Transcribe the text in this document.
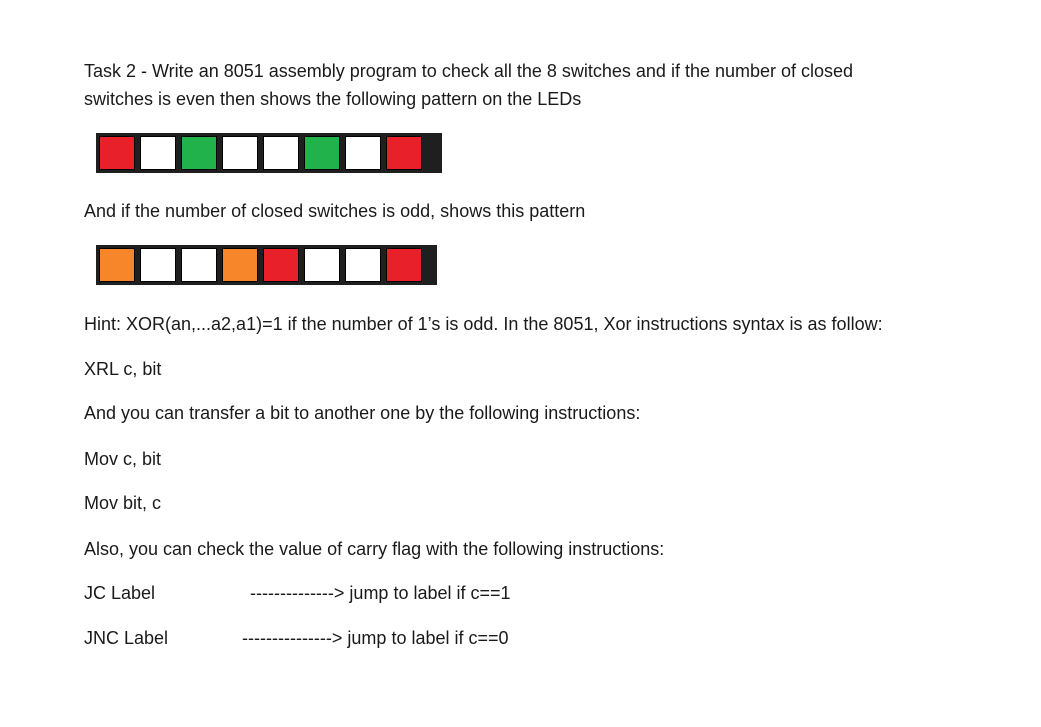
Task 2 - Write an 8051 assembly program to check all the 8 switches and if the number of closed

switches is even then shows the following pattern on the LEDs

And if the number of closed switches is odd, shows this pattern

Hint: XOR(an,...a2,a1)=1 if the number of 1’s is odd. In the 8051, Xor instructions syntax is as follow:

XRL c, bit

And you can transfer a bit to another one by the following instructions:

Mov c, bit

Mov bit, c

Also, you can check the value of carry flag with the following instructions:

JC Label	--------------> jump to label if c==1
JNC Label	---------------> jump to label if c==0
